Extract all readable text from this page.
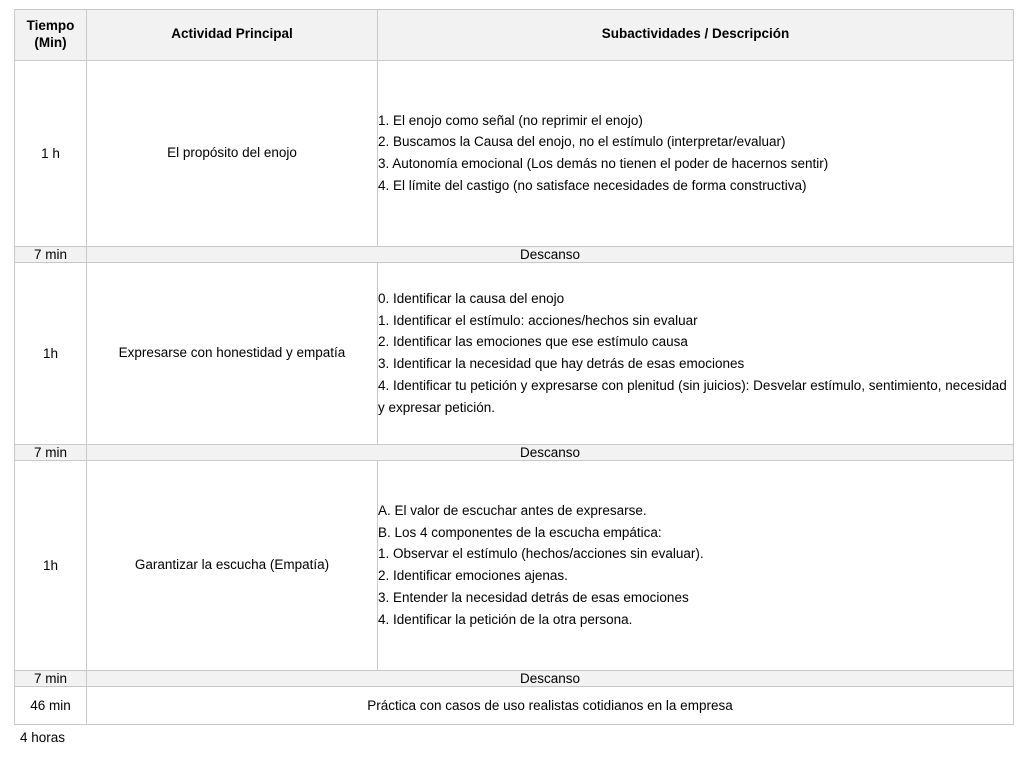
Tiempo
(Min)	Actividad Principal	Subactividades / Descripción
1 h	El propósito del enojo	1. El enojo como señal (no reprimir el enojo)
2. Buscamos la Causa del enojo, no el estímulo (interpretar/evaluar)
3. Autonomía emocional (Los demás no tienen el poder de hacernos sentir)
4. El límite del castigo (no satisface necesidades de forma constructiva)

7 min	Descanso	
1h	Expresarse con honestidad y empatía	0. Identificar la causa del enojo
1. Identificar el estímulo: acciones/hechos sin evaluar
2. Identificar las emociones que ese estímulo causa
3. Identificar la necesidad que hay detrás de esas emociones
4. Identificar tu petición y expresarse con plenitud (sin juicios): Desvelar estímulo, sentimiento, necesidad y expresar petición.

7 min	Descanso	
1h	Garantizar la escucha (Empatía)	
A. El valor de escuchar antes de expresarse.
B. Los 4 componentes de la escucha empática:
1. Observar el estímulo (hechos/acciones sin evaluar).
2. Identificar emociones ajenas.
3. Entender la necesidad detrás de esas emociones
4. Identificar la petición de la otra persona.

7 min	Descanso	
46 min	Práctica con casos de uso realistas cotidianos en la empresa	
4 horas
